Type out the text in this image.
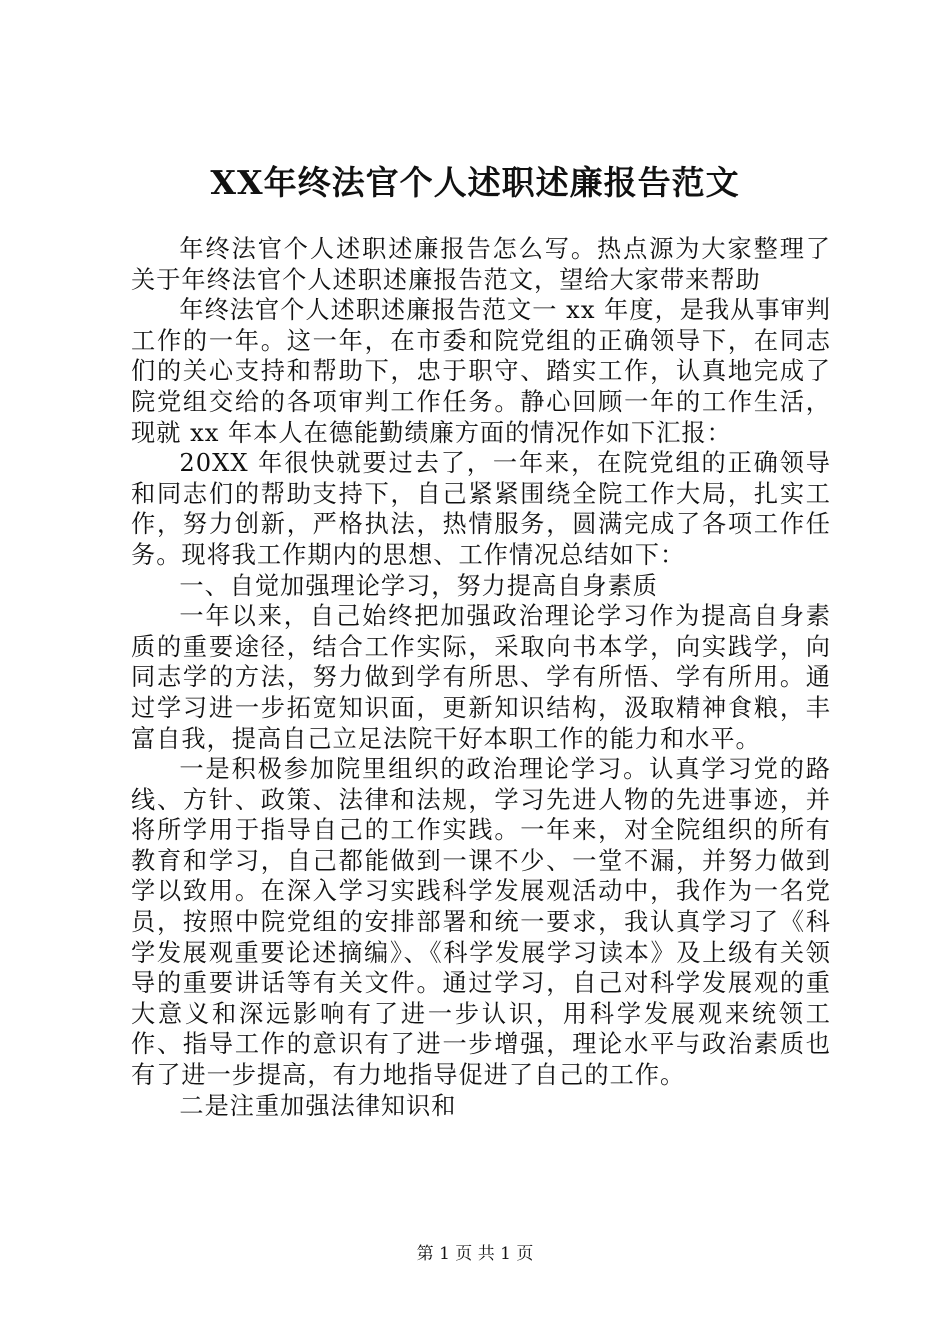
XX年终法官个人述职述廉报告范文

年终法官个人述职述廉报告怎么写。热点源为大家整理了关于年终法官个人述职述廉报告范文，望给大家带来帮助

年终法官个人述职述廉报告范文一 xx 年度，是我从事审判工作的一年。这一年，在市委和院党组的正确领导下，在同志们的关心支持和帮助下，忠于职守、踏实工作，认真地完成了院党组交给的各项审判工作任务。静心回顾一年的工作生活，现就 xx 年本人在德能勤绩廉方面的情况作如下汇报：

20XX 年很快就要过去了，一年来，在院党组的正确领导和同志们的帮助支持下，自己紧紧围绕全院工作大局，扎实工作，努力创新，严格执法，热情服务，圆满完成了各项工作任务。现将我工作期内的思想、工作情况总结如下：

一、自觉加强理论学习，努力提高自身素质

一年以来，自己始终把加强政治理论学习作为提高自身素质的重要途径，结合工作实际，采取向书本学，向实践学，向同志学的方法，努力做到学有所思、学有所悟、学有所用。通过学习进一步拓宽知识面，更新知识结构，汲取精神食粮，丰富自我，提高自己立足法院干好本职工作的能力和水平。

一是积极参加院里组织的政治理论学习。认真学习党的路线、方针、政策、法律和法规，学习先进人物的先进事迹，并将所学用于指导自己的工作实践。一年来，对全院组织的所有教育和学习，自己都能做到一课不少、一堂不漏，并努力做到学以致用。在深入学习实践科学发展观活动中，我作为一名党员，按照中院党组的安排部署和统一要求，我认真学习了《科学发展观重要论述摘编》、《科学发展学习读本》及上级有关领导的重要讲话等有关文件。通过学习，自己对科学发展观的重大意义和深远影响有了进一步认识，用科学发展观来统领工作、指导工作的意识有了进一步增强，理论水平与政治素质也有了进一步提高，有力地指导促进了自己的工作。

二是注重加强法律知识和

第 1 页 共 1 页
